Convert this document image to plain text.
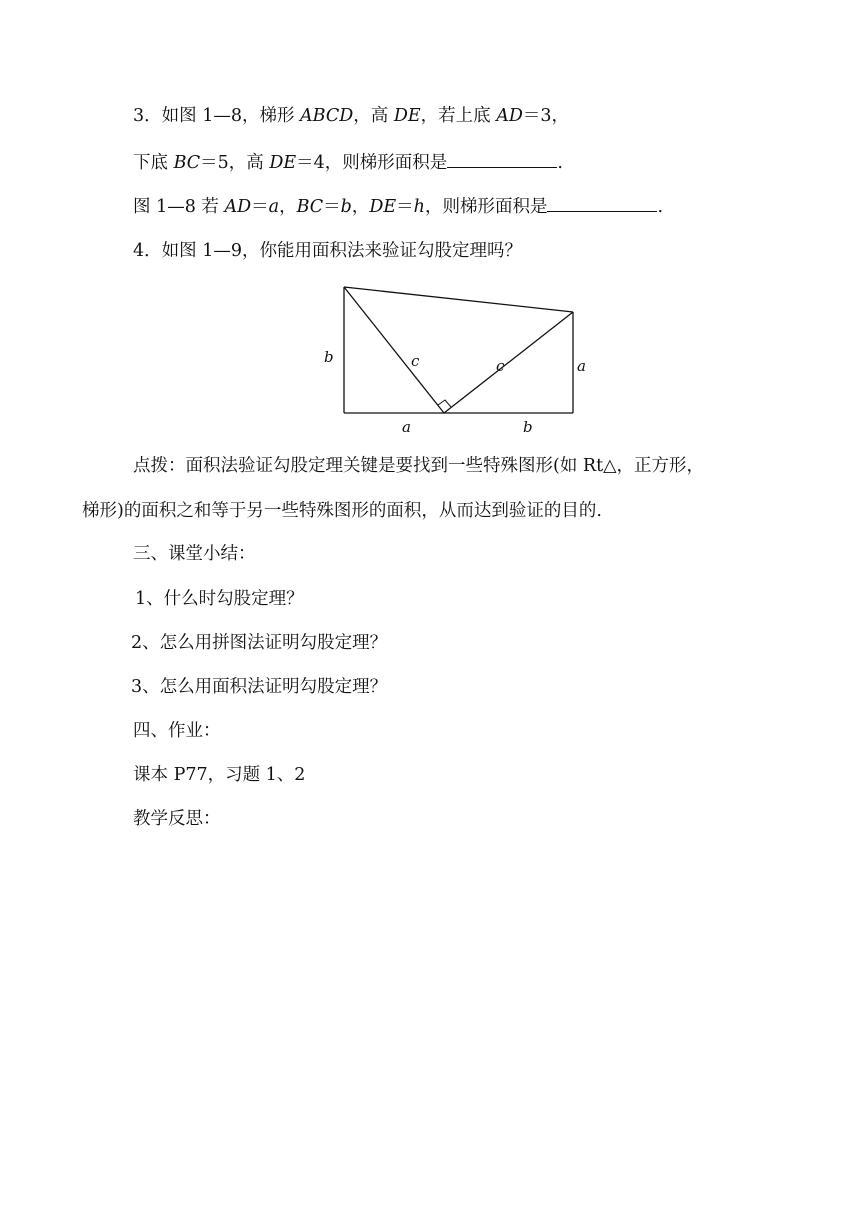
3．如图 1—8，梯形 ABCD，高 DE，若上底 AD＝3，
下底 BC＝5，高 DE＝4，则梯形面积是	.
图 1—8 若 AD＝a，BC＝b，DE＝h，则梯形面积是	.
4．如图 1—9，你能用面积法来验证勾股定理吗？
b	c	c	a
a	b
点拨：面积法验证勾股定理关键是要找到一些特殊图形(如 Rt△，正方形，
梯形)的面积之和等于另一些特殊图形的面积，从而达到验证的目的.
三、课堂小结：
1、什么时勾股定理？
2、怎么用拼图法证明勾股定理？
3、怎么用面积法证明勾股定理？
四、作业：
课本 P77，习题 1、2
教学反思：
